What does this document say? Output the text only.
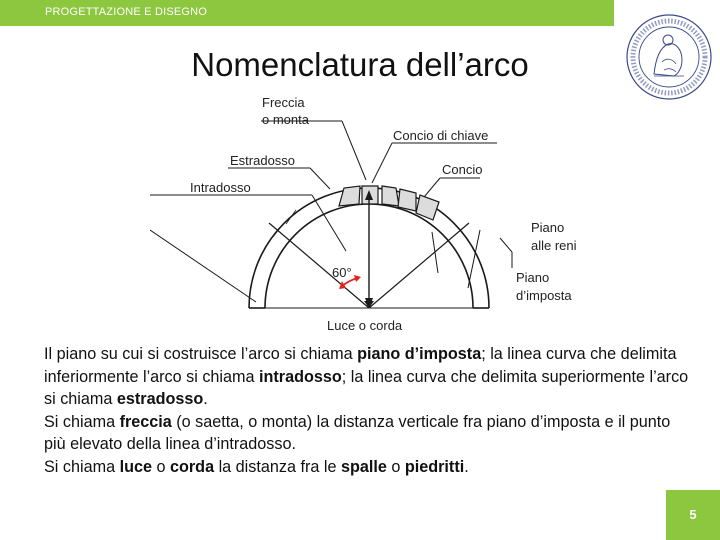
PROGETTAZIONE E DISEGNO
Nomenclatura dell’arco
Freccia
o monta
Concio di chiave
Estradosso
Concio
Intradosso
Piano
alle reni
60°	Piano
d’imposta
Luce o corda

Il piano su cui si costruisce l’arco si chiama piano d’imposta; la linea curva che delimita inferiormente l’arco si chiama intradosso; la linea curva che delimita superiormente l’arco si chiama estradosso.

Si chiama freccia (o saetta, o monta) la distanza verticale fra piano d’imposta e il punto più elevato della linea d’intradosso.

Si chiama luce o corda la distanza fra le spalle o piedritti.

5
